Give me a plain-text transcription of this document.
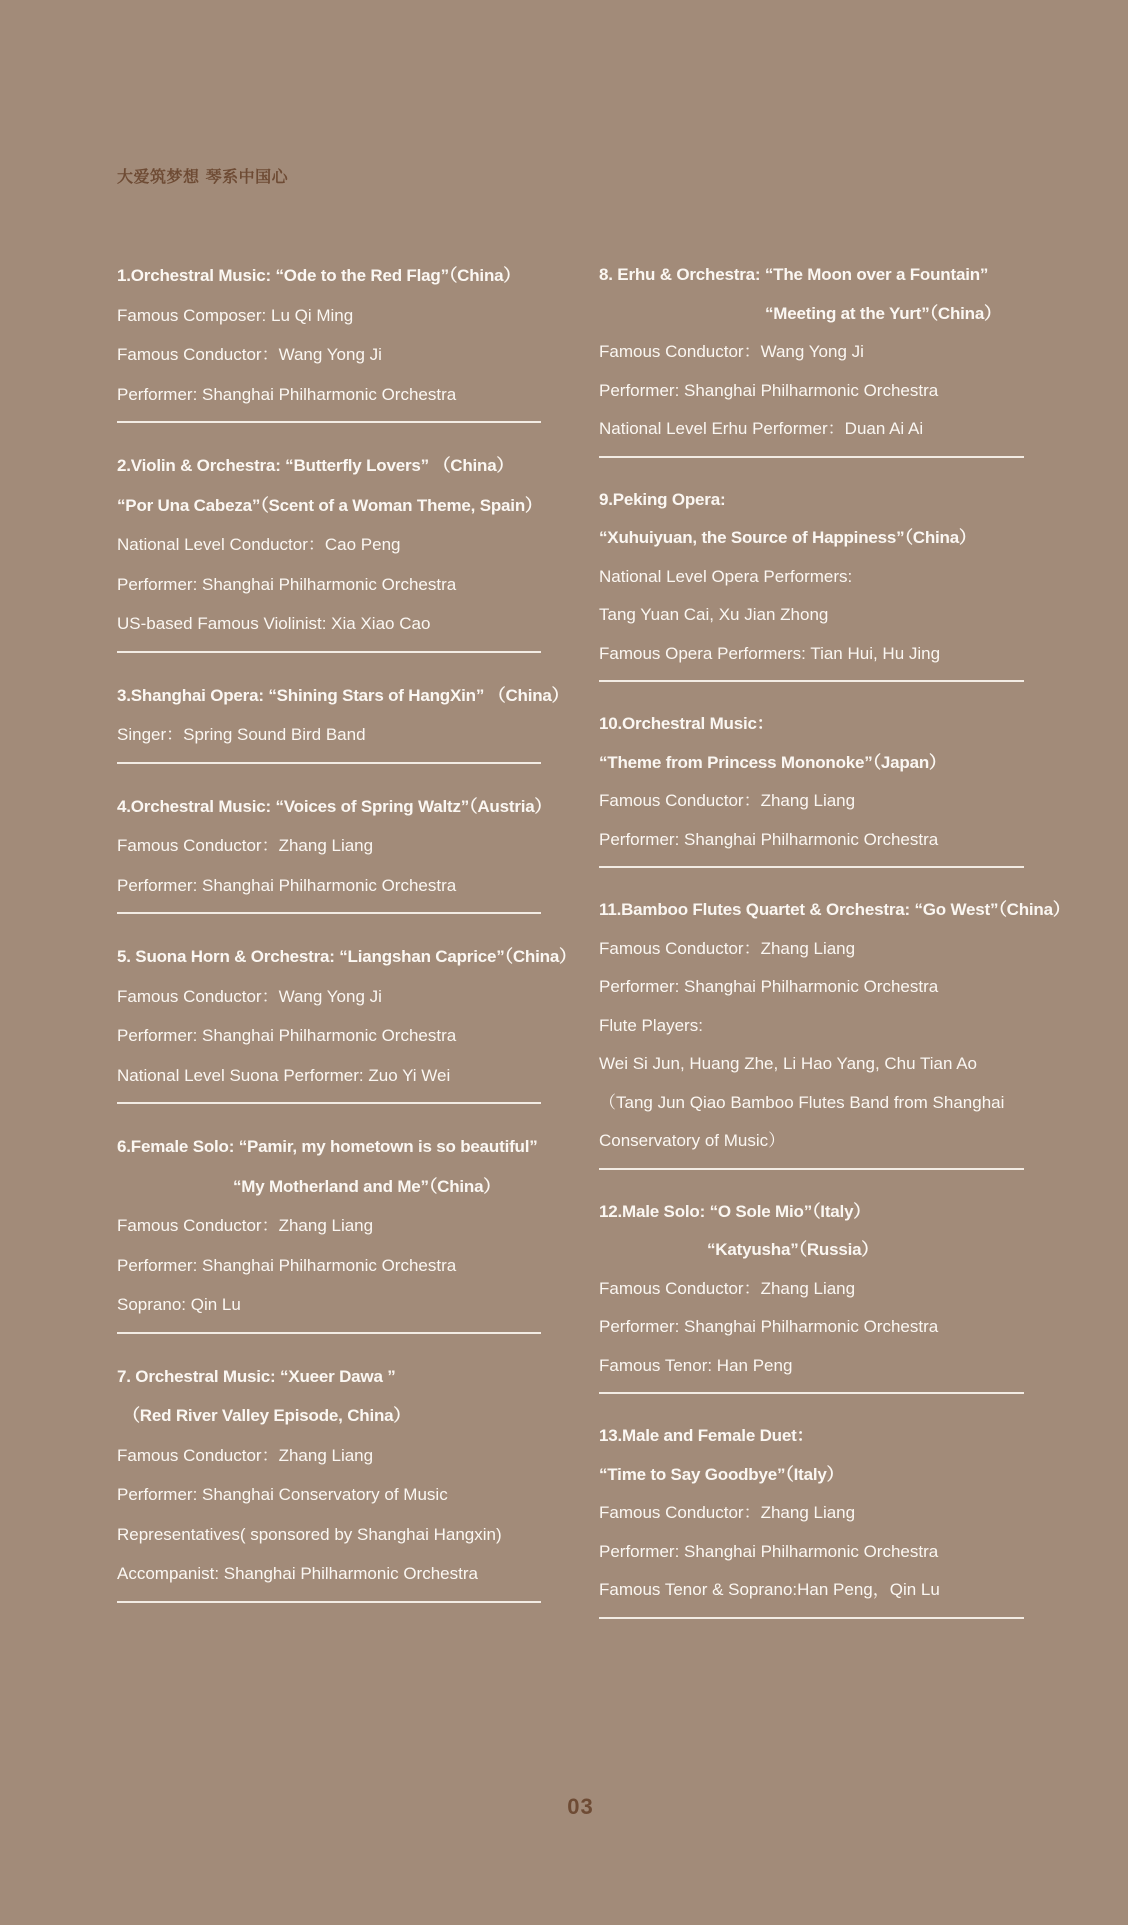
大爱筑梦想 琴系中国心
1.Orchestral Music: “Ode to the Red Flag”（China）
Famous Composer: Lu Qi Ming
Famous Conductor：Wang Yong Ji
Performer: Shanghai Philharmonic Orchestra
2.Violin & Orchestra: “Butterfly Lovers” （China）
“Por Una Cabeza”（Scent of a Woman Theme, Spain）
National Level Conductor：Cao Peng
Performer: Shanghai Philharmonic Orchestra
US-based Famous Violinist: Xia Xiao Cao
3.Shanghai Opera: “Shining Stars of HangXin” （China）
Singer：Spring Sound Bird Band
4.Orchestral Music: “Voices of Spring Waltz”（Austria）
Famous Conductor：Zhang Liang
Performer: Shanghai Philharmonic Orchestra
5. Suona Horn & Orchestra: “Liangshan Caprice”（China）
Famous Conductor：Wang Yong Ji
Performer: Shanghai Philharmonic Orchestra
National Level Suona Performer: Zuo Yi Wei
6.Female Solo: “Pamir, my hometown is so beautiful”
“My Motherland and Me”（China）
Famous Conductor：Zhang Liang
Performer: Shanghai Philharmonic Orchestra
Soprano: Qin Lu
7. Orchestral Music: “Xueer Dawa ”
（Red River Valley Episode, China）
Famous Conductor：Zhang Liang
Performer: Shanghai Conservatory of Music
Representatives( sponsored by Shanghai Hangxin)
Accompanist: Shanghai Philharmonic Orchestra
8. Erhu & Orchestra: “The Moon over a Fountain”
“Meeting at the Yurt”（China）
Famous Conductor：Wang Yong Ji
Performer: Shanghai Philharmonic Orchestra
National Level Erhu Performer：Duan Ai Ai
9.Peking Opera:
“Xuhuiyuan, the Source of Happiness”（China）
National Level Opera Performers:
Tang Yuan Cai, Xu Jian Zhong
Famous Opera Performers: Tian Hui, Hu Jing
10.Orchestral Music：
“Theme from Princess Mononoke”（Japan）
Famous Conductor：Zhang Liang
Performer: Shanghai Philharmonic Orchestra
11.Bamboo Flutes Quartet & Orchestra: “Go West”（China）
Famous Conductor：Zhang Liang
Performer: Shanghai Philharmonic Orchestra
Flute Players:
Wei Si Jun, Huang Zhe, Li Hao Yang, Chu Tian Ao
（Tang Jun Qiao Bamboo Flutes Band from Shanghai
Conservatory of Music）
12.Male Solo: “O Sole Mio”（Italy）
“Katyusha”（Russia）
Famous Conductor：Zhang Liang
Performer: Shanghai Philharmonic Orchestra
Famous Tenor: Han Peng
13.Male and Female Duet：
“Time to Say Goodbye”（Italy）
Famous Conductor：Zhang Liang
Performer: Shanghai Philharmonic Orchestra
Famous Tenor & Soprano:Han Peng，Qin Lu
03
